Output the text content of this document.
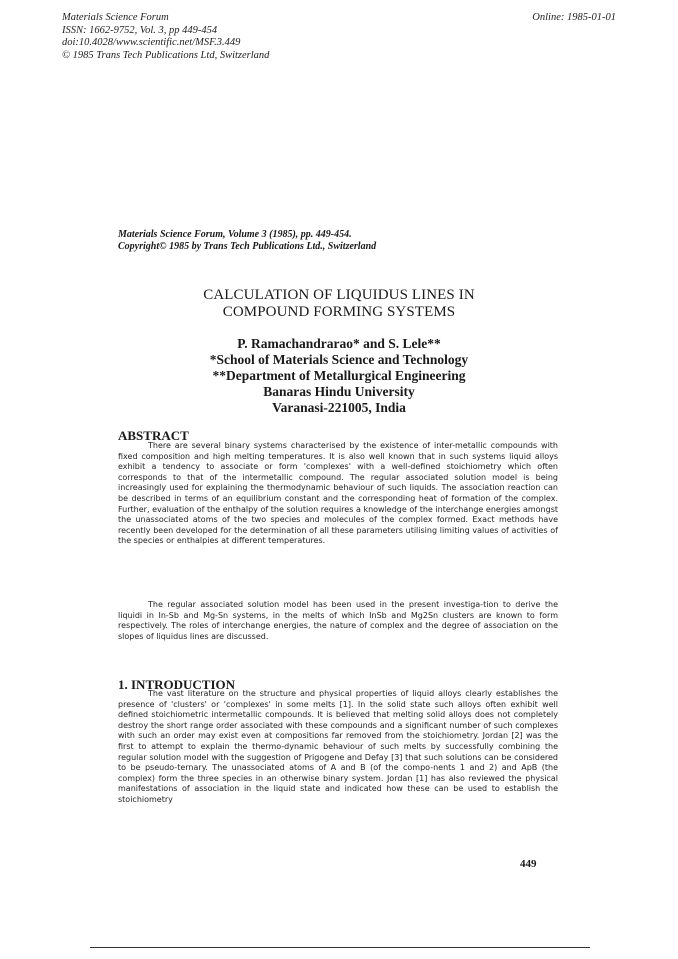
Materials Science Forum
ISSN: 1662-9752, Vol. 3, pp 449-454
doi:10.4028/www.scientific.net/MSF.3.449
© 1985 Trans Tech Publications Ltd, Switzerland
Online: 1985-01-01
Materials Science Forum, Volume 3 (1985), pp. 449-454.
Copyright© 1985 by Trans Tech Publications Ltd., Switzerland
CALCULATION OF LIQUIDUS LINES IN
COMPOUND FORMING SYSTEMS
P. Ramachandrarao* and S. Lele**
*School of Materials Science and Technology
**Department of Metallurgical Engineering
Banaras Hindu University
Varanasi-221005, India
ABSTRACT

There are several binary systems characterised by the existence of inter-metallic compounds with fixed composition and high melting temperatures. It is also well known that in such systems liquid alloys exhibit a tendency to associate or form 'complexes' with a well-defined stoichiometry which often corresponds to that of the intermetallic compound. The regular associated solution model is being increasingly used for explaining the thermodynamic behaviour of such liquids. The association reaction can be described in terms of an equilibrium constant and the corresponding heat of formation of the complex. Further, evaluation of the enthalpy of the solution requires a knowledge of the interchange energies amongst the unassociated atoms of the two species and molecules of the complex formed. Exact methods have recently been developed for the determination of all these parameters utilising limiting values of activities of the species or enthalpies at different temperatures.

The regular associated solution model has been used in the present investiga-tion to derive the liquidi in In-Sb and Mg-Sn systems, in the melts of which InSb and Mg2Sn clusters are known to form respectively. The roles of interchange energies, the nature of complex and the degree of association on the slopes of liquidus lines are discussed.

1. INTRODUCTION

The vast literature on the structure and physical properties of liquid alloys clearly establishes the presence of 'clusters' or 'complexes' in some melts [1]. In the solid state such alloys often exhibit well defined stoichiometric intermetallic compounds. It is believed that melting solid alloys does not completely destroy the short range order associated with these compounds and a significant number of such complexes with such an order may exist even at compositions far removed from the stoichiometry. Jordan [2] was the first to attempt to explain the thermo-dynamic behaviour of such melts by successfully combining the regular solution model with the suggestion of Prigogene and Defay [3] that such solutions can be considered to be pseudo-ternary. The unassociated atoms of A and B (of the compo-nents 1 and 2) and ApB (the complex) form the three species in an otherwise binary system. Jordan [1] has also reviewed the physical manifestations of association in the liquid state and indicated how these can be used to establish the stoichiometry

449
